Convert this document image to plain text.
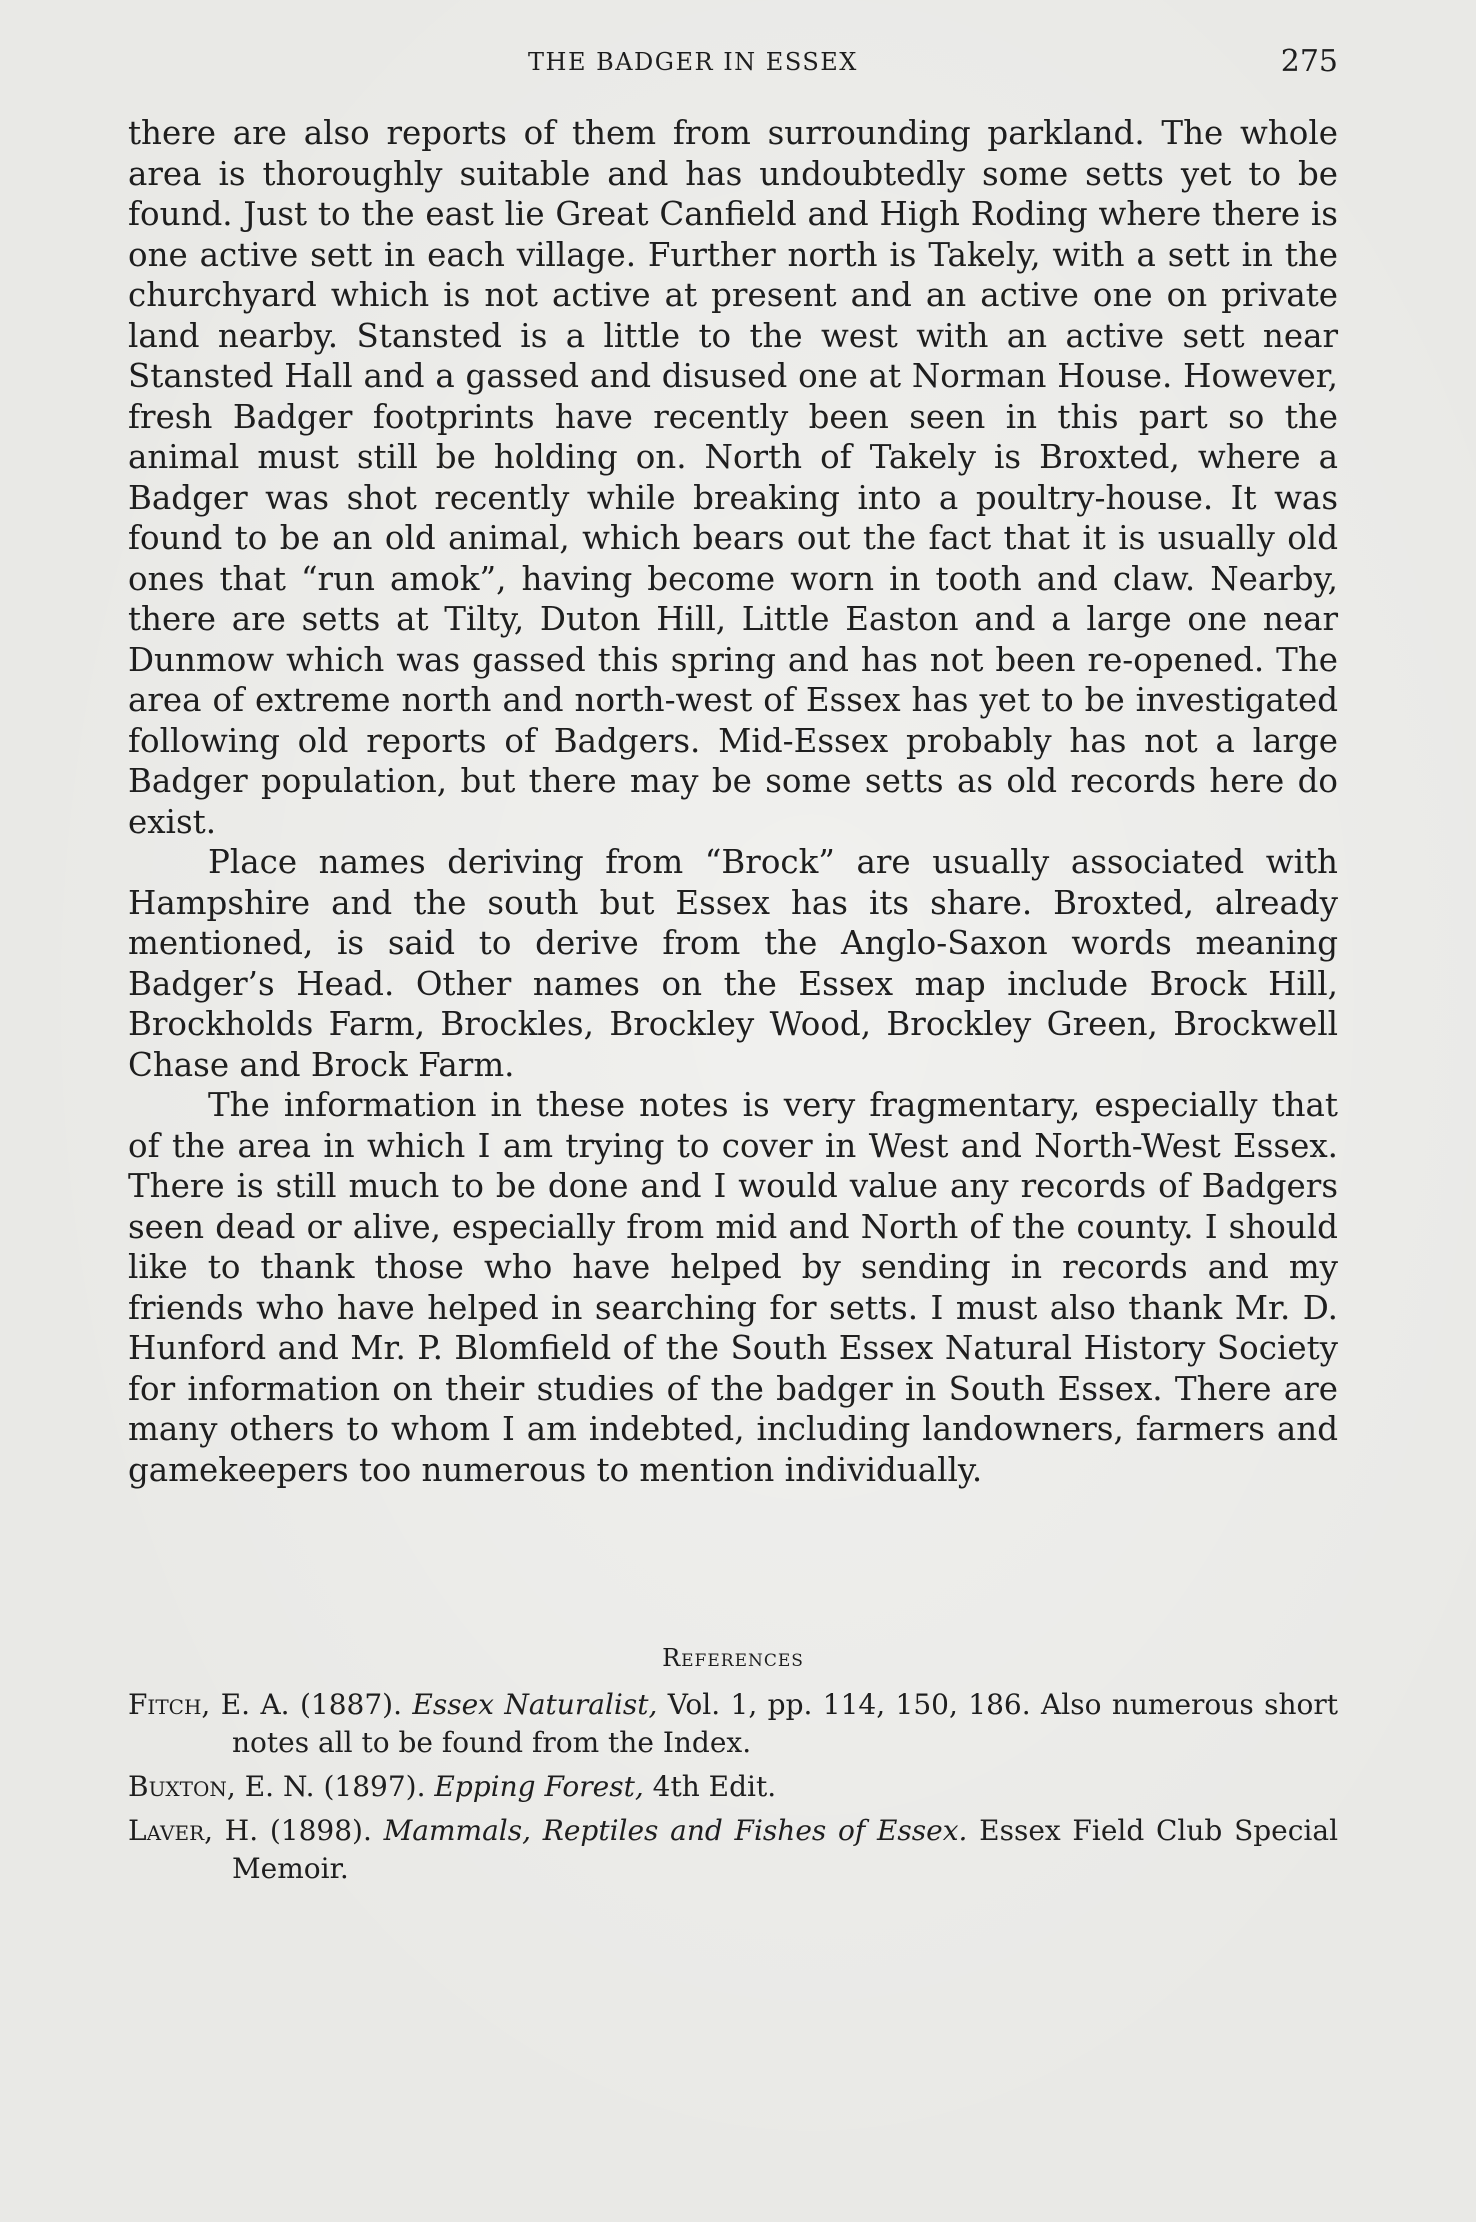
THE BADGER IN ESSEX	275

there are also reports of them from surrounding parkland. The whole area is thoroughly suitable and has undoubtedly some setts yet to be found. Just to the east lie Great Canfield and High Roding where there is one active sett in each village. Further north is Takely, with a sett in the churchyard which is not active at present and an active one on private land nearby. Stansted is a little to the west with an active sett near Stansted Hall and a gassed and disused one at Norman House. However, fresh Badger footprints have recently been seen in this part so the animal must still be holding on. North of Takely is Broxted, where a Badger was shot recently while breaking into a poultry-house. It was found to be an old animal, which bears out the fact that it is usually old ones that “run amok”, having become worn in tooth and claw. Nearby, there are setts at Tilty, Duton Hill, Little Easton and a large one near Dunmow which was gassed this spring and has not been re-opened. The area of extreme north and north-west of Essex has yet to be investigated following old reports of Badgers. Mid-Essex probably has not a large Badger population, but there may be some setts as old records here do exist.

Place names deriving from “Brock” are usually associated with Hampshire and the south but Essex has its share. Broxted, already mentioned, is said to derive from the Anglo-Saxon words meaning Badger’s Head. Other names on the Essex map include Brock Hill, Brockholds Farm, Brockles, Brockley Wood, Brockley Green, Brockwell Chase and Brock Farm.

The information in these notes is very fragmentary, especially that of the area in which I am trying to cover in West and North-West Essex. There is still much to be done and I would value any records of Badgers seen dead or alive, especially from mid and North of the county. I should like to thank those who have helped by sending in records and my friends who have helped in searching for setts. I must also thank Mr. D. Hunford and Mr. P. Blomfield of the South Essex Natural History Society for information on their studies of the badger in South Essex. There are many others to whom I am indebted, including landowners, farmers and gamekeepers too numerous to mention individually.

References

Fitch, E. A. (1887). Essex Naturalist, Vol. 1, pp. 114, 150, 186. Also numerous short notes all to be found from the Index.

Buxton, E. N. (1897). Epping Forest, 4th Edit.

Laver, H. (1898). Mammals, Reptiles and Fishes of Essex. Essex Field Club Special Memoir.
